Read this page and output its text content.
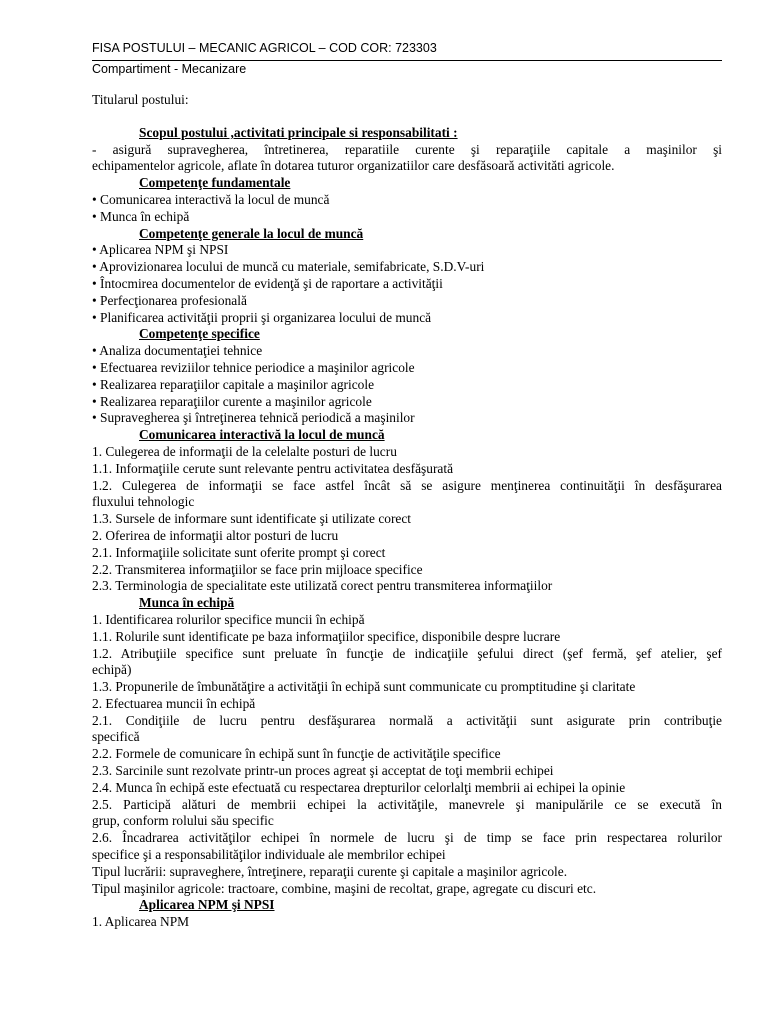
FISA POSTULUI – MECANIC AGRICOL – COD COR: 723303
Compartiment - Mecanizare
Titularul postului:
Scopul postului ,activitati principale si responsabilitati :
- asigură supravegherea, întretinerea, reparatiile curente şi reparaţiile capitale a maşinilor şi
echipamentelor agricole, aflate în dotarea tuturor organizatiilor care desfăsoară activităti agricole.
Competenţe fundamentale
• Comunicarea interactivă la locul de muncă
• Munca în echipă
Competenţe generale la locul de muncă
• Aplicarea NPM şi NPSI
• Aprovizionarea locului de muncă cu materiale, semifabricate, S.D.V-uri
• Întocmirea documentelor de evidenţă şi de raportare a activităţii
• Perfecţionarea profesională
• Planificarea activităţii proprii şi organizarea locului de muncă
Competenţe specifice
• Analiza documentaţiei tehnice
• Efectuarea reviziilor tehnice periodice a maşinilor agricole
• Realizarea reparaţiilor capitale a maşinilor agricole
• Realizarea reparaţiilor curente a maşinilor agricole
• Supravegherea şi întreţinerea tehnică periodică a maşinilor
Comunicarea interactivă la locul de muncă
1. Culegerea de informaţii de la celelalte posturi de lucru
1.1. Informaţiile cerute sunt relevante pentru activitatea desfăşurată
1.2. Culegerea de informaţii se face astfel încât să se asigure menţinerea continuităţii în desfăşurarea
fluxului tehnologic
1.3. Sursele de informare sunt identificate şi utilizate corect
2. Oferirea de informaţii altor posturi de lucru
2.1. Informaţiile solicitate sunt oferite prompt şi corect
2.2. Transmiterea informaţiilor se face prin mijloace specifice
2.3. Terminologia de specialitate este utilizată corect pentru transmiterea informaţiilor
Munca în echipă
1. Identificarea rolurilor specifice muncii în echipă
1.1. Rolurile sunt identificate pe baza informaţiilor specifice, disponibile despre lucrare
1.2. Atribuţiile specifice sunt preluate în funcţie de indicaţiile şefului direct (şef fermă, şef atelier, şef
echipă)
1.3. Propunerile de îmbunătăţire a activităţii în echipă sunt communicate cu promptitudine şi claritate
2. Efectuarea muncii în echipă
2.1. Condiţiile de lucru pentru desfăşurarea normală a activităţii sunt asigurate prin contribuţie
specifică
2.2. Formele de comunicare în echipă sunt în funcţie de activităţile specifice
2.3. Sarcinile sunt rezolvate printr-un proces agreat şi acceptat de toţi membrii echipei
2.4. Munca în echipă este efectuată cu respectarea drepturilor celorlalţi membrii ai echipei la opinie
2.5. Participă alături de membrii echipei la activităţile, manevrele şi manipulările ce se execută în
grup, conform rolului său specific
2.6. Încadrarea activităţilor echipei în normele de lucru şi de timp se face prin respectarea rolurilor
specifice şi a responsabilităţilor individuale ale membrilor echipei
Tipul lucrării: supraveghere, întreţinere, reparaţii curente şi capitale a maşinilor agricole.
Tipul maşinilor agricole: tractoare, combine, maşini de recoltat, grape, agregate cu discuri etc.
Aplicarea NPM şi NPSI
1. Aplicarea NPM
